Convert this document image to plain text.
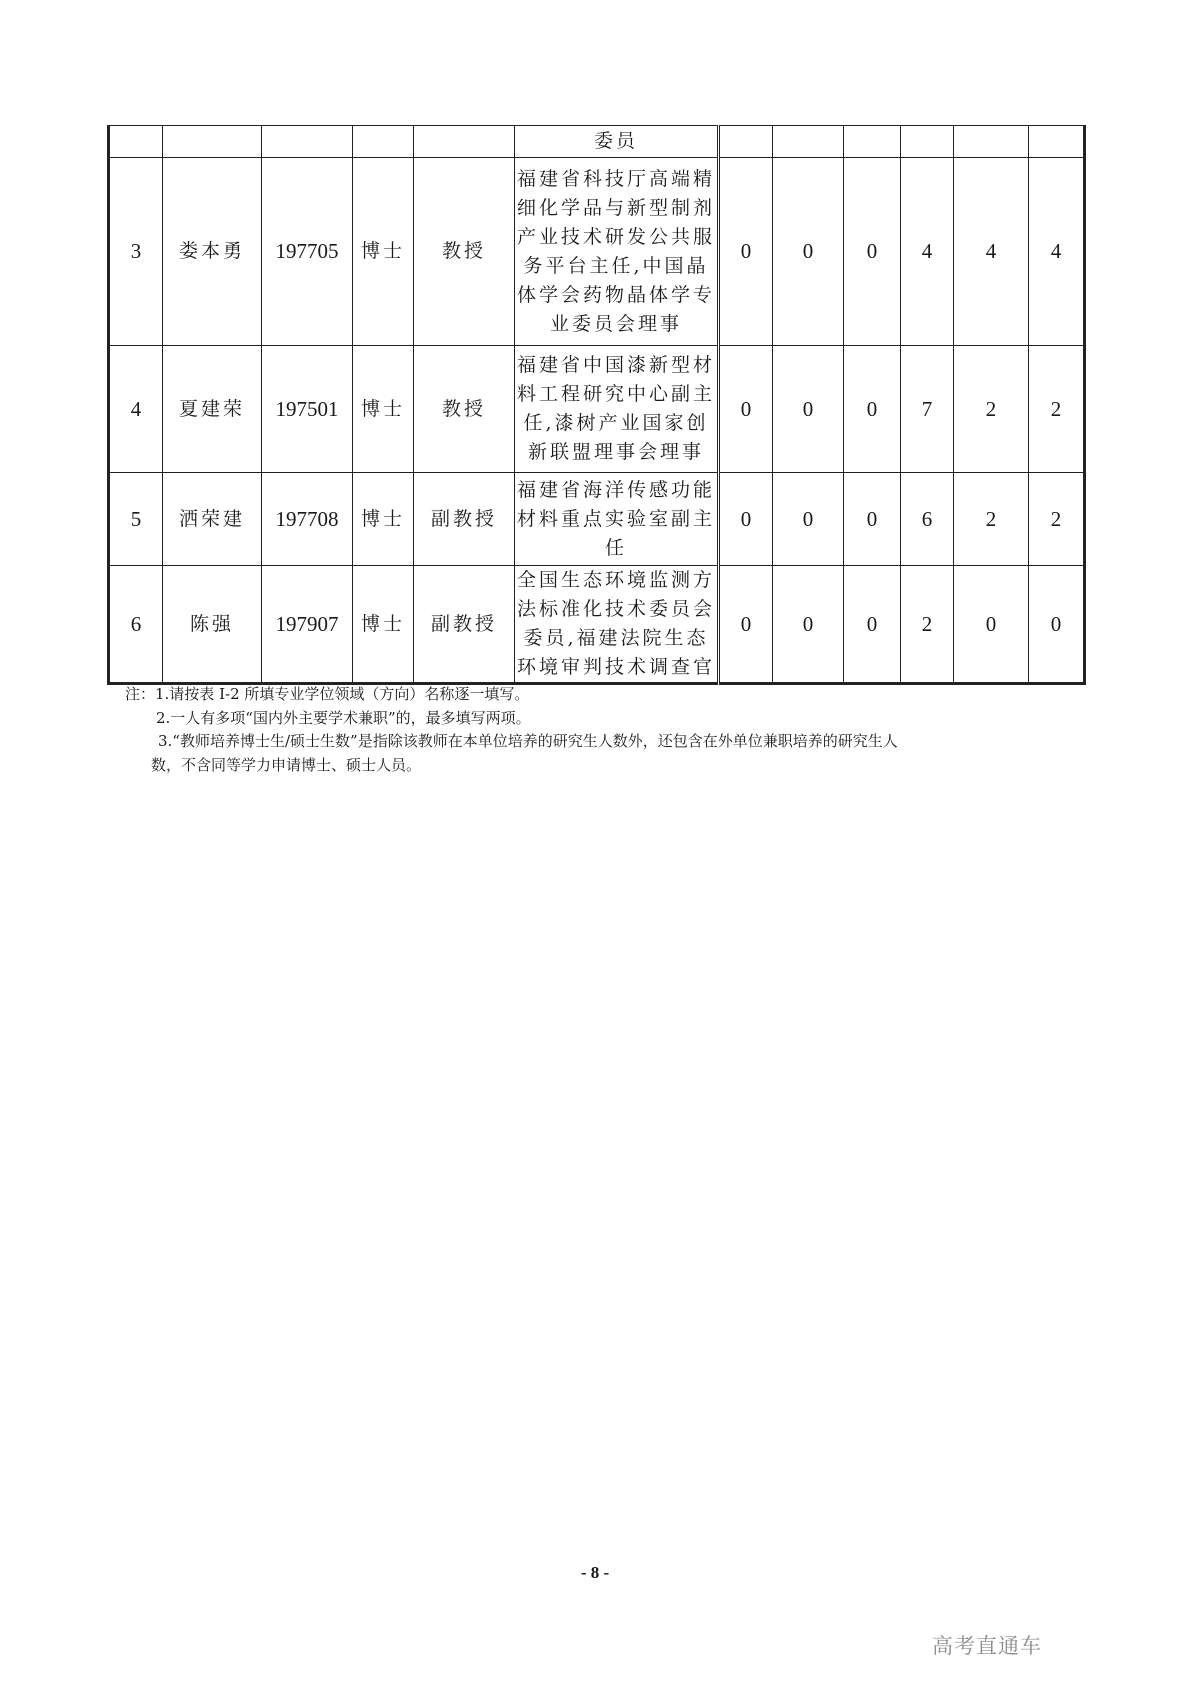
					委员						
3	娄本勇	197705	博士	教授	福建省科技厅高端精细化学品与新型制剂产业技术研发公共服务平台主任,中国晶体学会药物晶体学专业委员会理事	0	0	0	4	4	4
4	夏建荣	197501	博士	教授	福建省中国漆新型材料工程研究中心副主任,漆树产业国家创新联盟理事会理事	0	0	0	7	2	2
5	洒荣建	197708	博士	副教授	福建省海洋传感功能材料重点实验室副主任	0	0	0	6	2	2
6	陈强	197907	博士	副教授	全国生态环境监测方法标准化技术委员会委员,福建法院生态环境审判技术调查官	0	0	0	2	0	0
注：1.请按表 I-2 所填专业学位领域（方向）名称逐一填写。
2.一人有多项“国内外主要学术兼职”的，最多填写两项。
3.“教师培养博士生/硕士生数”是指除该教师在本单位培养的研究生人数外，还包含在外单位兼职培养的研究生人
数，不含同等学力申请博士、硕士人员。
- 8 -
高考直通车
